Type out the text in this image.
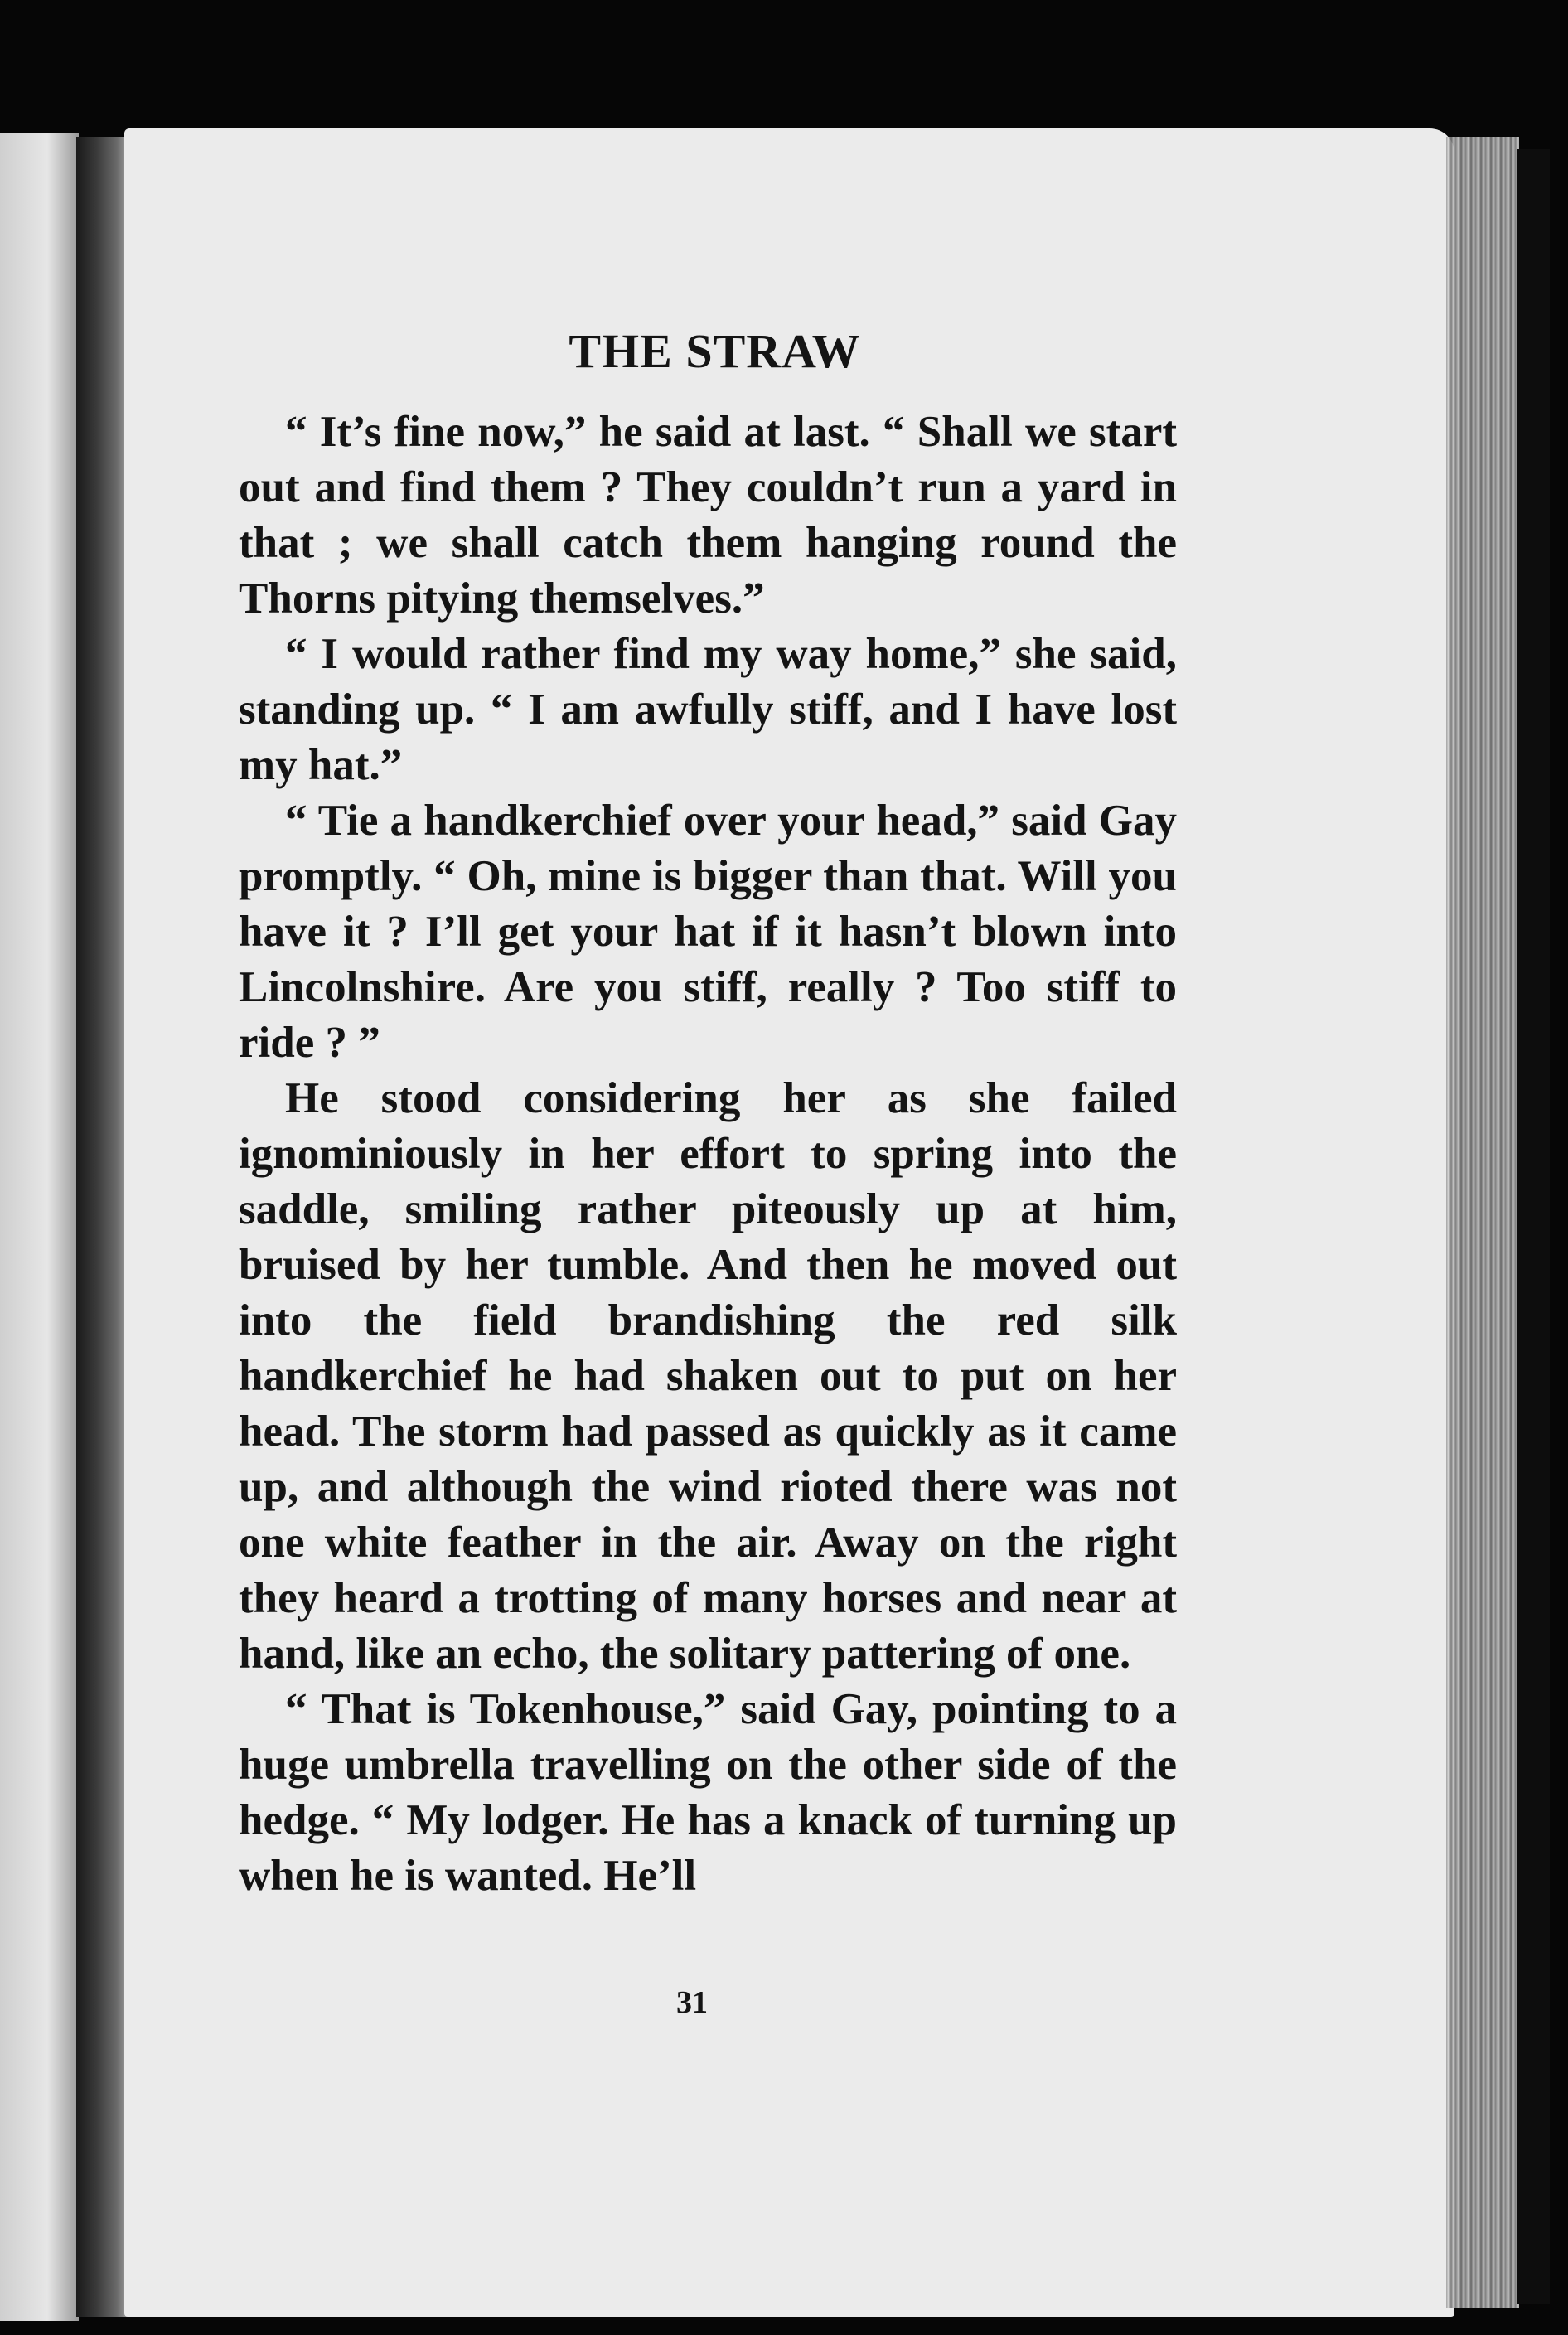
THE STRAW

“ It’s fine now,” he said at last. “ Shall we start out and find them ? They couldn’t run a yard in that ; we shall catch them hanging round the Thorns pitying themselves.”

“ I would rather find my way home,” she said, standing up. “ I am awfully stiff, and I have lost my hat.”

“ Tie a handkerchief over your head,” said Gay promptly. “ Oh, mine is bigger than that. Will you have it ? I’ll get your hat if it hasn’t blown into Lincolnshire. Are you stiff, really ? Too stiff to ride ? ”

He stood considering her as she failed ignominiously in her effort to spring into the saddle, smiling rather piteously up at him, bruised by her tumble. And then he moved out into the field brandishing the red silk handkerchief he had shaken out to put on her head. The storm had passed as quickly as it came up, and although the wind rioted there was not one white feather in the air. Away on the right they heard a trotting of many horses and near at hand, like an echo, the solitary pattering of one.

“ That is Tokenhouse,” said Gay, pointing to a huge umbrella travelling on the other side of the hedge. “ My lodger. He has a knack of turning up when he is wanted. He’ll

31
